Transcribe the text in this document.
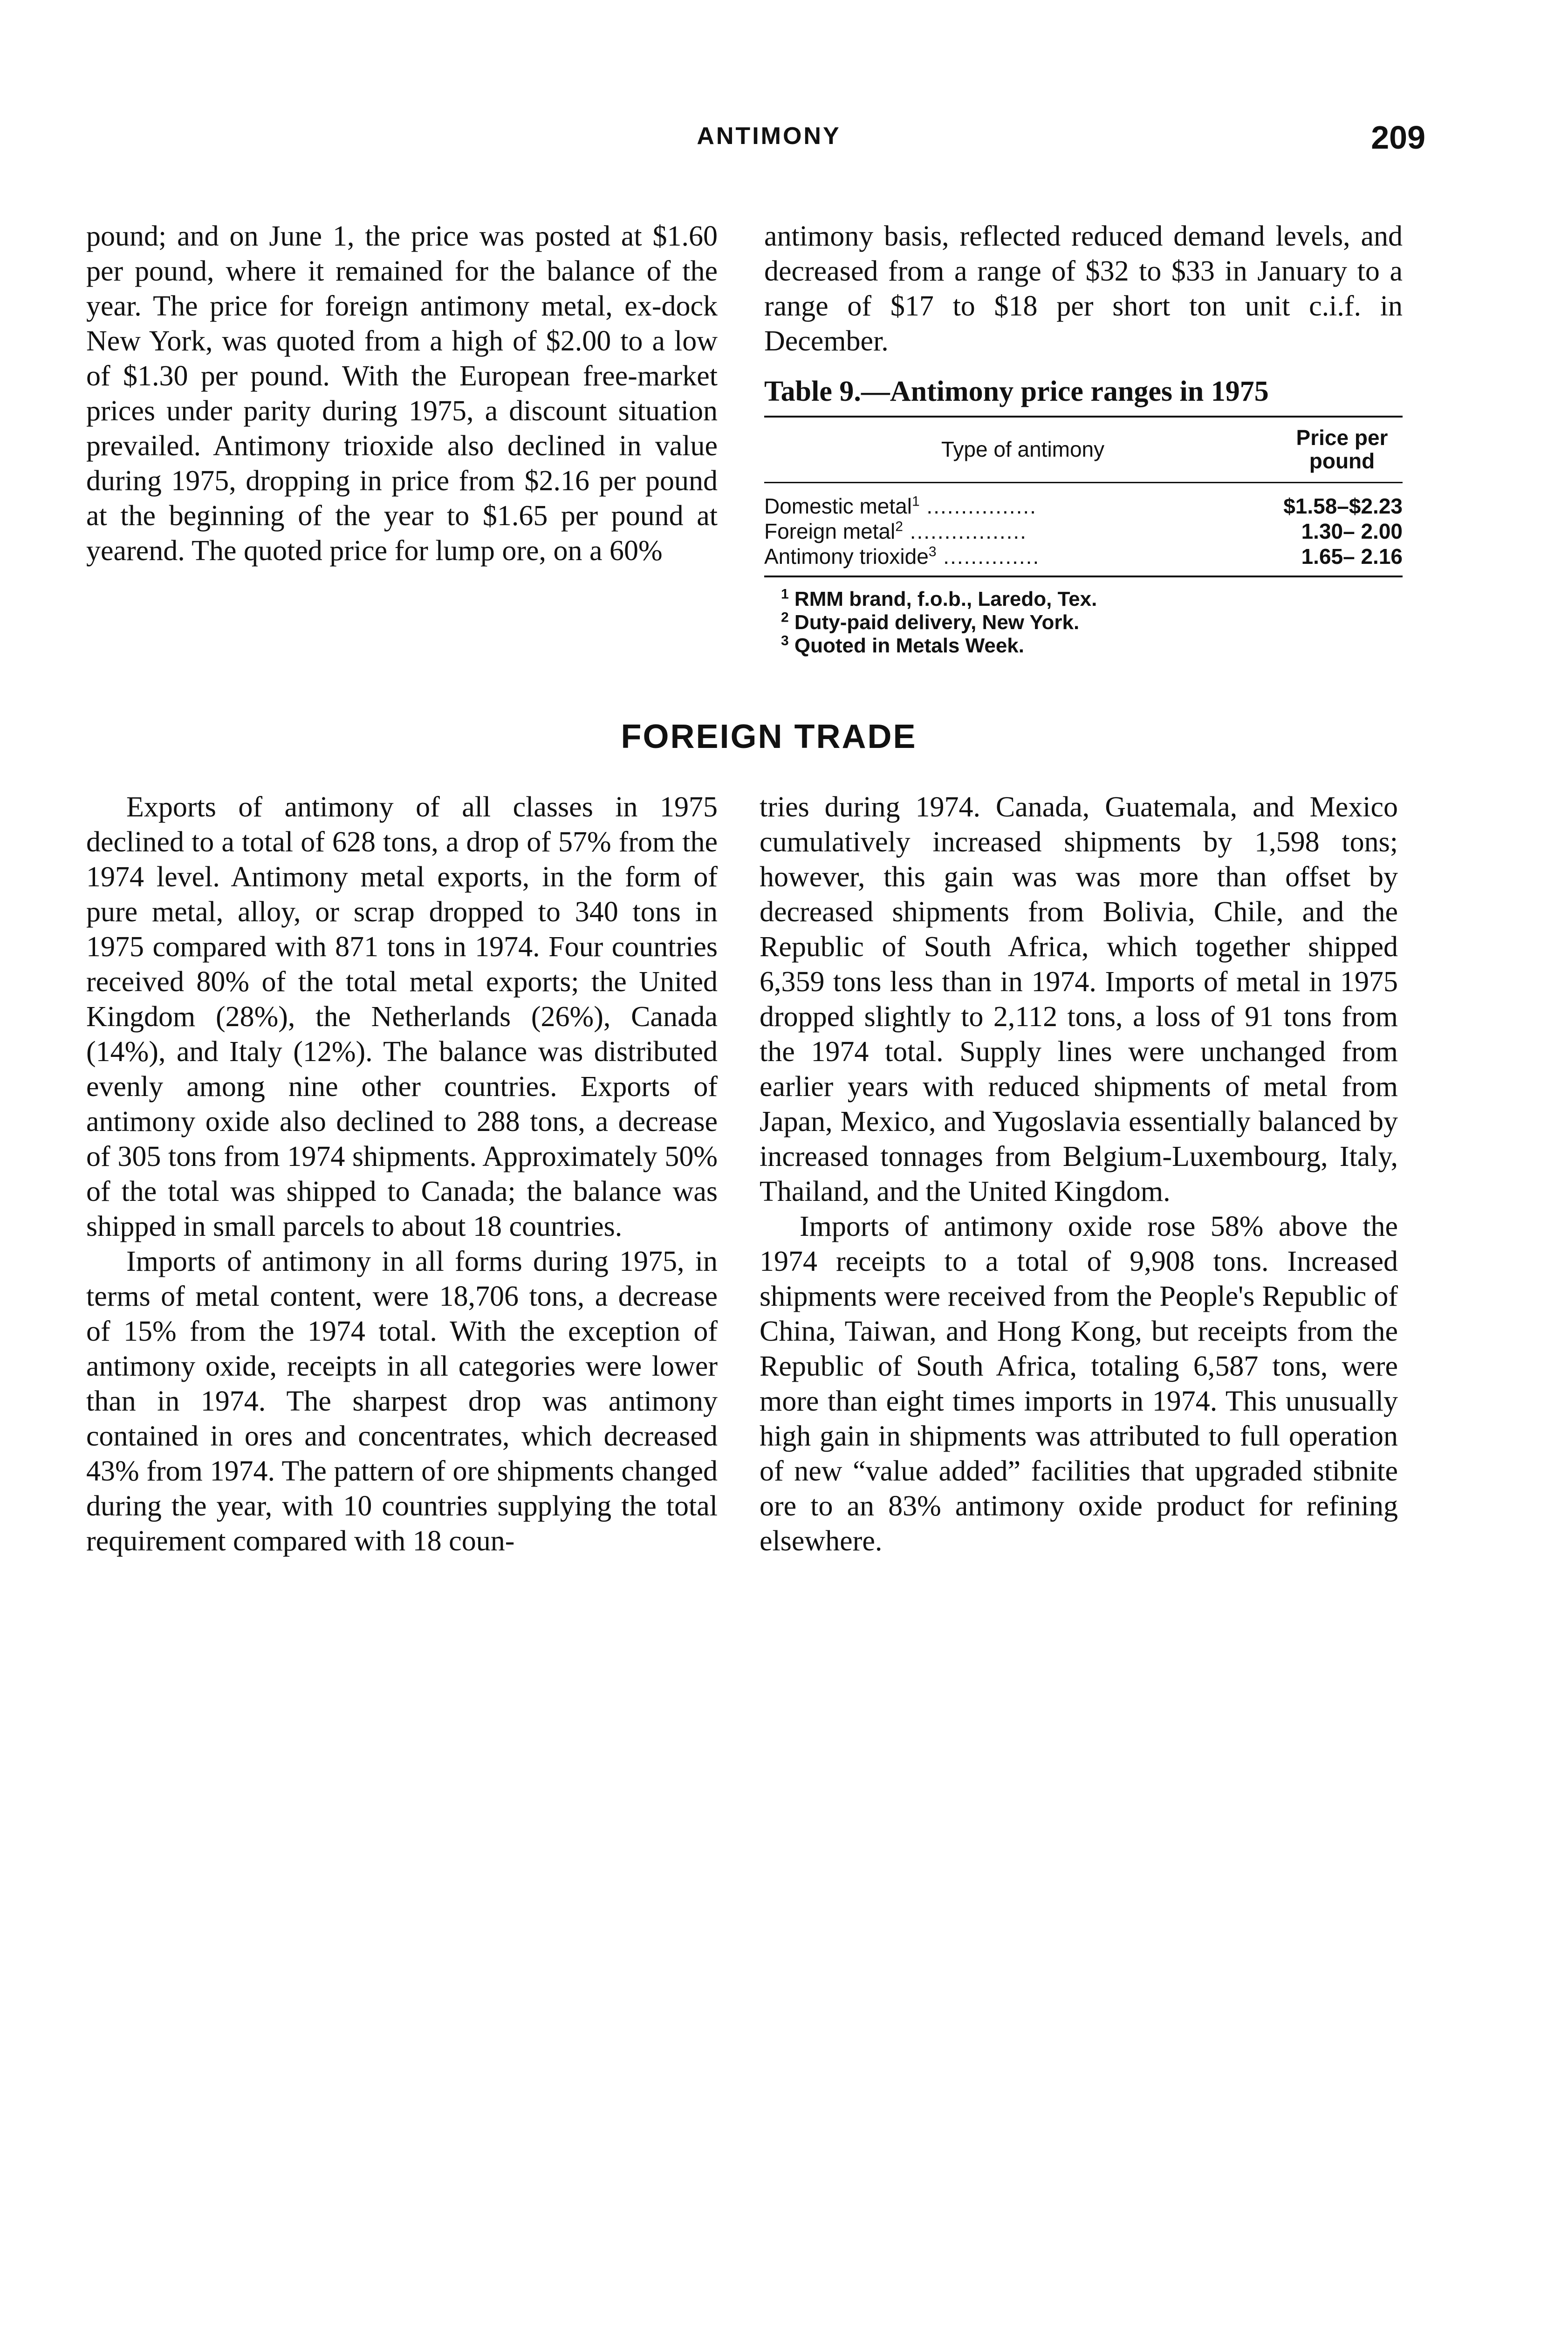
ANTIMONY	209

pound; and on June 1, the price was posted at $1.60 per pound, where it remained for the balance of the year. The price for foreign antimony metal, ex-dock New York, was quoted from a high of $2.00 to a low of $1.30 per pound. With the European free-market prices under parity during 1975, a discount situation prevailed. Antimony trioxide also declined in value during 1975, dropping in price from $2.16 per pound at the beginning of the year to $1.65 per pound at yearend. The quoted price for lump ore, on a 60%

antimony basis, reflected reduced demand levels, and decreased from a range of $32 to $33 in January to a range of $17 to $18 per short ton unit c.i.f. in December.

Table 9.—Antimony price ranges in 1975
Type of antimony	Price per pound
Domestic metal$^1$ ................	$1.58–$2.23
Foreign metal$^2$ .................	1.30– 2.00
Antimony trioxide$^3$ ..............	1.65– 2.16
$^1$ RMM brand, f.o.b., Laredo, Tex.
$^2$ Duty-paid delivery, New York.
$^3$ Quoted in Metals Week.
FOREIGN TRADE

Exports of antimony of all classes in 1975 declined to a total of 628 tons, a drop of 57% from the 1974 level. Antimony metal exports, in the form of pure metal, alloy, or scrap dropped to 340 tons in 1975 compared with 871 tons in 1974. Four countries received 80% of the total metal exports; the United Kingdom (28%), the Netherlands (26%), Canada (14%), and Italy (12%). The balance was distributed evenly among nine other countries. Exports of antimony oxide also declined to 288 tons, a decrease of 305 tons from 1974 shipments. Approximately 50% of the total was shipped to Canada; the balance was shipped in small parcels to about 18 countries.

Imports of antimony in all forms during 1975, in terms of metal content, were 18,706 tons, a decrease of 15% from the 1974 total. With the exception of antimony oxide, receipts in all categories were lower than in 1974. The sharpest drop was antimony contained in ores and concentrates, which decreased 43% from 1974. The pattern of ore shipments changed during the year, with 10 countries supplying the total requirement compared with 18 coun-

tries during 1974. Canada, Guatemala, and Mexico cumulatively increased shipments by 1,598 tons; however, this gain was was more than offset by decreased shipments from Bolivia, Chile, and the Republic of South Africa, which together shipped 6,359 tons less than in 1974. Imports of metal in 1975 dropped slightly to 2,112 tons, a loss of 91 tons from the 1974 total. Supply lines were unchanged from earlier years with reduced shipments of metal from Japan, Mexico, and Yugoslavia essentially balanced by increased tonnages from Belgium-Luxembourg, Italy, Thailand, and the United Kingdom.

Imports of antimony oxide rose 58% above the 1974 receipts to a total of 9,908 tons. Increased shipments were received from the People's Republic of China, Taiwan, and Hong Kong, but receipts from the Republic of South Africa, totaling 6,587 tons, were more than eight times imports in 1974. This unusually high gain in shipments was attributed to full operation of new “value added” facilities that upgraded stibnite ore to an 83% antimony oxide product for refining elsewhere.
